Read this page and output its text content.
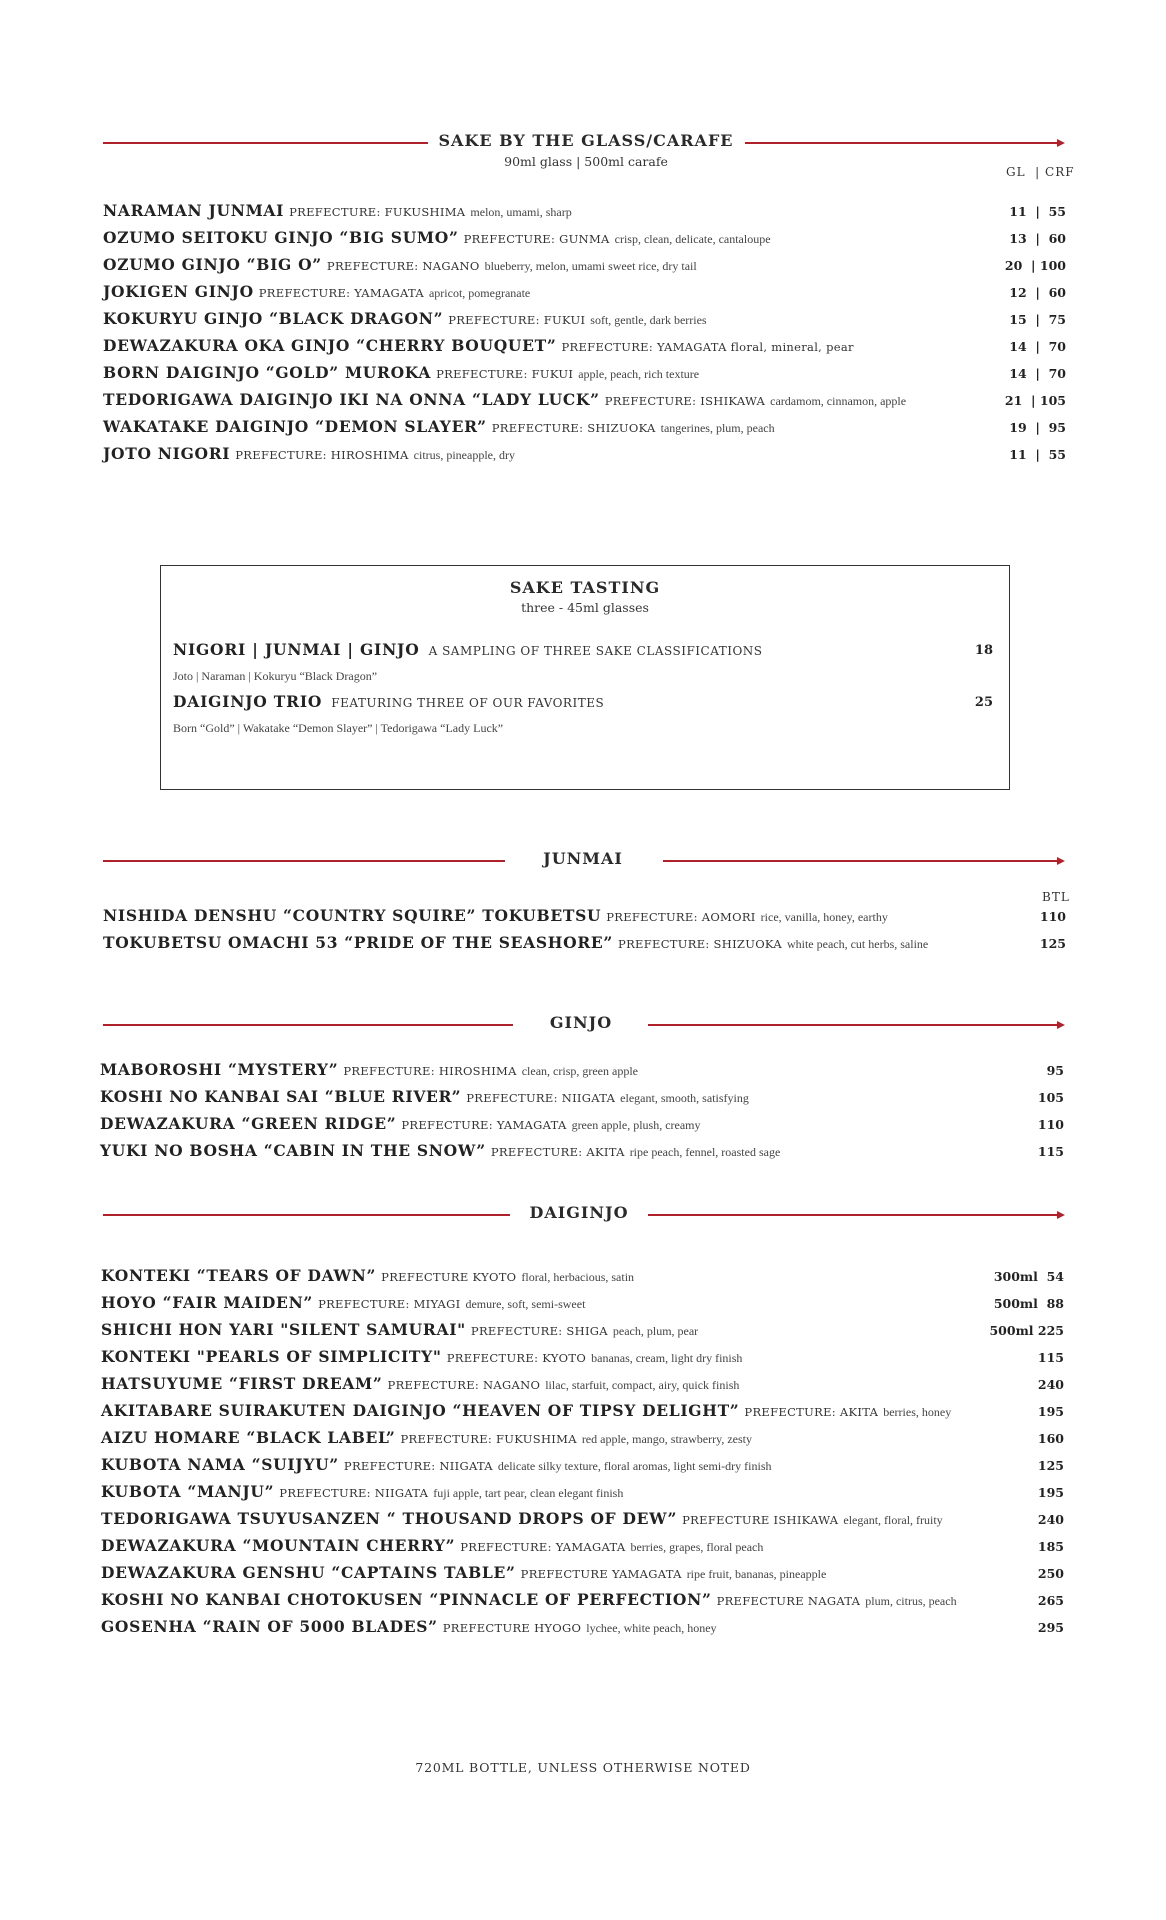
SAKE BY THE GLASS/CARAFE
90ml glass | 500ml carafe
GL  | CRF
NARAMAN JUNMAI PREFECTURE: FUKUSHIMA melon, umami, sharp	11  |  55
OZUMO SEITOKU GINJO “BIG SUMO” PREFECTURE: GUNMA crisp, clean, delicate, cantaloupe	13  |  60
OZUMO GINJO “BIG O” PREFECTURE: NAGANO blueberry, melon, umami sweet rice, dry tail	20  | 100
JOKIGEN GINJO PREFECTURE: YAMAGATA apricot, pomegranate	12  |  60
KOKURYU GINJO “BLACK DRAGON” PREFECTURE: FUKUI soft, gentle, dark berries	15  |  75
DEWAZAKURA OKA GINJO “CHERRY BOUQUET” PREFECTURE: YAMAGATA floral, mineral, pear	14  |  70
BORN DAIGINJO “GOLD” MUROKA PREFECTURE: FUKUI apple, peach, rich texture	14  |  70
TEDORIGAWA DAIGINJO IKI NA ONNA “LADY LUCK” PREFECTURE: ISHIKAWA cardamom, cinnamon, apple	21  | 105
WAKATAKE DAIGINJO “DEMON SLAYER” PREFECTURE: SHIZUOKA tangerines, plum, peach	19  |  95
JOTO NIGORI PREFECTURE: HIROSHIMA citrus, pineapple, dry	11  |  55
SAKE TASTING
three - 45ml glasses
NIGORI | JUNMAI | GINJO A SAMPLING OF THREE SAKE CLASSIFICATIONS	18
Joto | Naraman | Kokuryu “Black Dragon”
DAIGINJO TRIO FEATURING THREE OF OUR FAVORITES	25
Born “Gold” | Wakatake “Demon Slayer” | Tedorigawa “Lady Luck”
JUNMAI
BTL
NISHIDA DENSHU “COUNTRY SQUIRE” TOKUBETSU PREFECTURE: AOMORI rice, vanilla, honey, earthy	110
TOKUBETSU OMACHI 53 “PRIDE OF THE SEASHORE” PREFECTURE: SHIZUOKA white peach, cut herbs, saline	125
GINJO
MABOROSHI “MYSTERY” PREFECTURE: HIROSHIMA clean, crisp, green apple	95
KOSHI NO KANBAI SAI “BLUE RIVER” PREFECTURE: NIIGATA elegant, smooth, satisfying	105
DEWAZAKURA “GREEN RIDGE” PREFECTURE: YAMAGATA green apple, plush, creamy	110
YUKI NO BOSHA “CABIN IN THE SNOW” PREFECTURE: AKITA ripe peach, fennel, roasted sage	115
DAIGINJO
KONTEKI “TEARS OF DAWN” PREFECTURE KYOTO floral, herbacious, satin	300ml  54
HOYO “FAIR MAIDEN” PREFECTURE: MIYAGI demure, soft, semi-sweet	500ml  88
SHICHI HON YARI "SILENT SAMURAI" PREFECTURE: SHIGA peach, plum, pear	500ml 225
KONTEKI "PEARLS OF SIMPLICITY" PREFECTURE: KYOTO bananas, cream, light dry finish	115
HATSUYUME “FIRST DREAM” PREFECTURE: NAGANO lilac, starfuit, compact, airy, quick finish	240
AKITABARE SUIRAKUTEN DAIGINJO “HEAVEN OF TIPSY DELIGHT” PREFECTURE: AKITA berries, honey	195
AIZU HOMARE “BLACK LABEL” PREFECTURE: FUKUSHIMA red apple, mango, strawberry, zesty	160
KUBOTA NAMA “SUIJYU” PREFECTURE: NIIGATA delicate silky texture, floral aromas, light semi-dry finish	125
KUBOTA “MANJU” PREFECTURE: NIIGATA fuji apple, tart pear, clean elegant finish	195
TEDORIGAWA TSUYUSANZEN “ THOUSAND DROPS OF DEW” PREFECTURE ISHIKAWA elegant, floral, fruity	240
DEWAZAKURA “MOUNTAIN CHERRY” PREFECTURE: YAMAGATA berries, grapes, floral peach	185
DEWAZAKURA GENSHU “CAPTAINS TABLE” PREFECTURE YAMAGATA ripe fruit, bananas, pineapple	250
KOSHI NO KANBAI CHOTOKUSEN “PINNACLE OF PERFECTION” PREFECTURE NAGATA plum, citrus, peach	265
GOSENHA “RAIN OF 5000 BLADES” PREFECTURE HYOGO lychee, white peach, honey	295
720ML BOTTLE, UNLESS OTHERWISE NOTED
